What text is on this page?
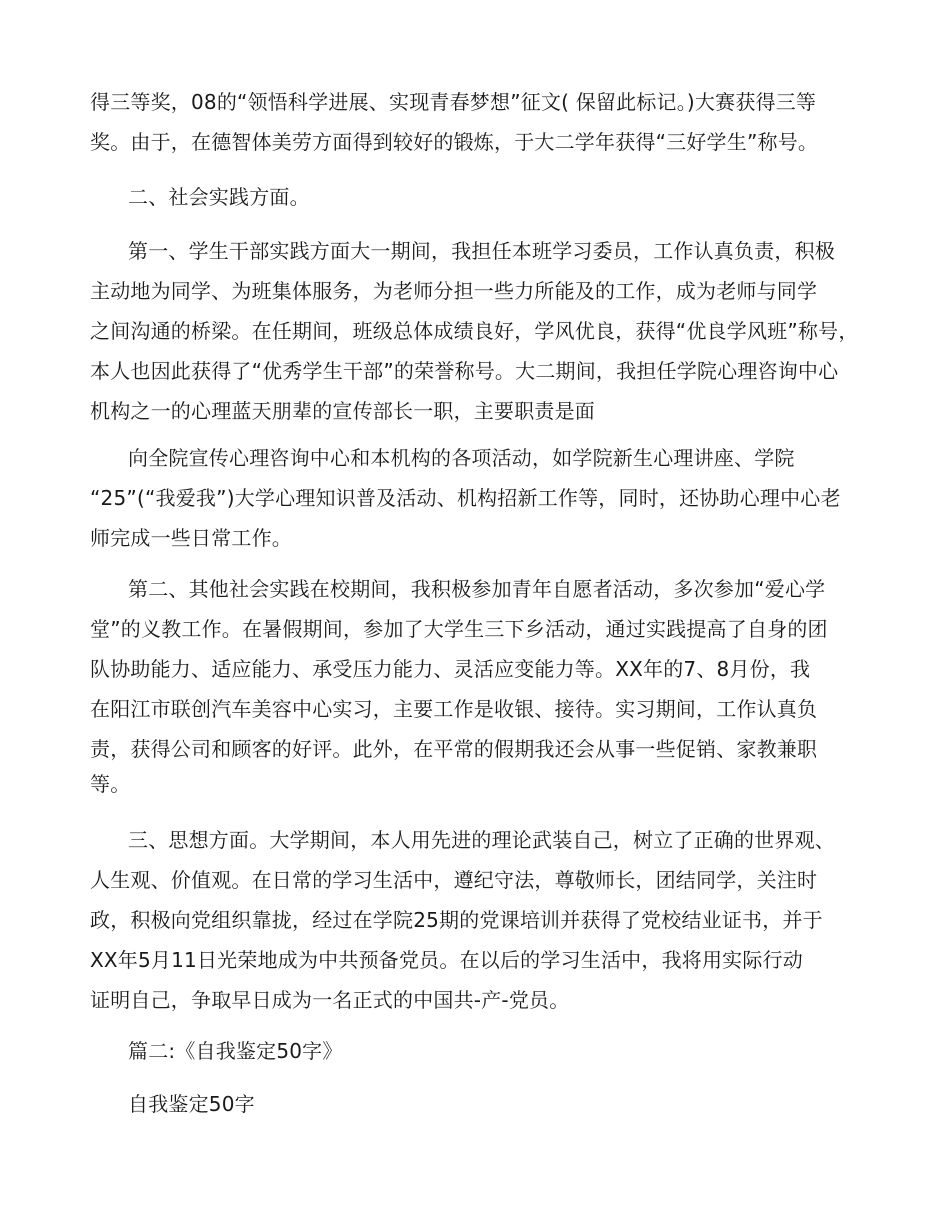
得三等奖，08的“领悟科学进展、实现青春梦想”征文( 保留此标记。)大赛获得三等
奖。由于，在德智体美劳方面得到较好的锻炼，于大二学年获得“三好学生”称号。
二、社会实践方面。
第一、学生干部实践方面大一期间，我担任本班学习委员，工作认真负责，积极
主动地为同学、为班集体服务，为老师分担一些力所能及的工作，成为老师与同学
之间沟通的桥梁。在任期间，班级总体成绩良好，学风优良，获得“优良学风班”称号，
本人也因此获得了“优秀学生干部”的荣誉称号。大二期间，我担任学院心理咨询中心
机构之一的心理蓝天朋辈的宣传部长一职，主要职责是面
向全院宣传心理咨询中心和本机构的各项活动，如学院新生心理讲座、学院
“25”(“我爱我”)大学心理知识普及活动、机构招新工作等，同时，还协助心理中心老
师完成一些日常工作。
第二、其他社会实践在校期间，我积极参加青年自愿者活动，多次参加“爱心学
堂”的义教工作。在暑假期间，参加了大学生三下乡活动，通过实践提高了自身的团
队协助能力、适应能力、承受压力能力、灵活应变能力等。XX年的7、8月份，我
在阳江市联创汽车美容中心实习，主要工作是收银、接待。实习期间，工作认真负
责，获得公司和顾客的好评。此外，在平常的假期我还会从事一些促销、家教兼职
等。
三、思想方面。大学期间，本人用先进的理论武装自己，树立了正确的世界观、
人生观、价值观。在日常的学习生活中，遵纪守法，尊敬师长，团结同学，关注时
政，积极向党组织靠拢，经过在学院25期的党课培训并获得了党校结业证书，并于
XX年5月11日光荣地成为中共预备党员。在以后的学习生活中，我将用实际行动
证明自己，争取早日成为一名正式的中国共-产-党员。
篇二:《自我鉴定50字》
自我鉴定50字
